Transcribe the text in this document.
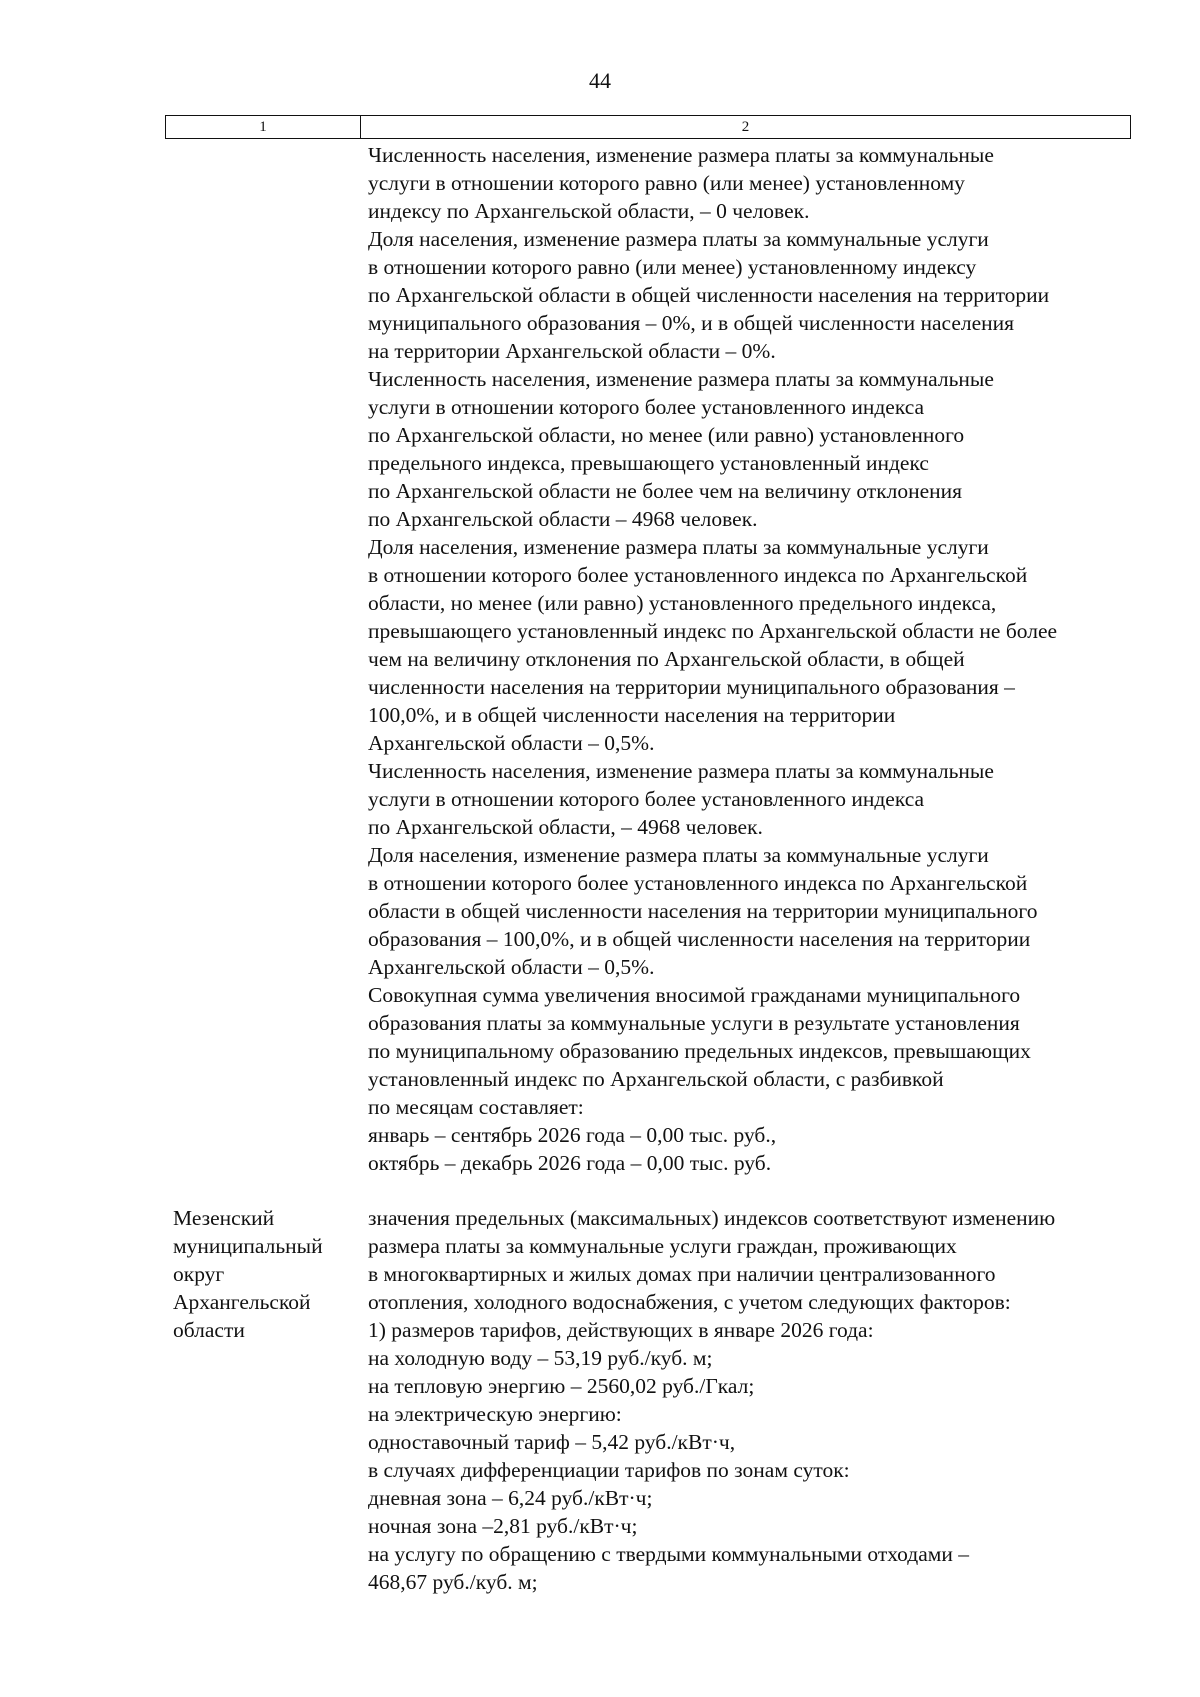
44
1	2
Численность населения, изменение размера платы за коммунальные
услуги в отношении которого равно (или менее) установленному
индексу по Архангельской области, – 0 человек.
Доля населения, изменение размера платы за коммунальные услуги
в отношении которого равно (или менее) установленному индексу
по Архангельской области в общей численности населения на территории
муниципального образования – 0%, и в общей численности населения
на территории Архангельской области – 0%.
Численность населения, изменение размера платы за коммунальные
услуги в отношении которого более установленного индекса
по Архангельской области, но менее (или равно) установленного
предельного индекса, превышающего установленный индекс
по Архангельской области не более чем на величину отклонения
по Архангельской области – 4968 человек.
Доля населения, изменение размера платы за коммунальные услуги
в отношении которого более установленного индекса по Архангельской
области, но менее (или равно) установленного предельного индекса,
превышающего установленный индекс по Архангельской области не более
чем на величину отклонения по Архангельской области, в общей
численности населения на территории муниципального образования –
100,0%, и в общей численности населения на территории
Архангельской области – 0,5%.
Численность населения, изменение размера платы за коммунальные
услуги в отношении которого более установленного индекса
по Архангельской области, – 4968 человек.
Доля населения, изменение размера платы за коммунальные услуги
в отношении которого более установленного индекса по Архангельской
области в общей численности населения на территории муниципального
образования – 100,0%, и в общей численности населения на территории
Архангельской области – 0,5%.
Совокупная сумма увеличения вносимой гражданами муниципального
образования платы за коммунальные услуги в результате установления
по муниципальному образованию предельных индексов, превышающих
установленный индекс по Архангельской области, с разбивкой
по месяцам составляет:
январь – сентябрь 2026 года – 0,00 тыс. руб.,
октябрь – декабрь 2026 года – 0,00 тыс. руб.
Мезенский
муниципальный
округ
Архангельской
области
значения предельных (максимальных) индексов соответствуют изменению
размера платы за коммунальные услуги граждан, проживающих
в многоквартирных и жилых домах при наличии централизованного
отопления, холодного водоснабжения, с учетом следующих факторов:
1) размеров тарифов, действующих в январе 2026 года:
на холодную воду – 53,19 руб./куб. м;
на тепловую энергию – 2560,02 руб./Гкал;
на электрическую энергию:
одноставочный тариф – 5,42 руб./кВт·ч,
в случаях дифференциации тарифов по зонам суток:
дневная зона – 6,24 руб./кВт·ч;
ночная зона –2,81 руб./кВт·ч;
на услугу по обращению с твердыми коммунальными отходами –
468,67 руб./куб. м;
